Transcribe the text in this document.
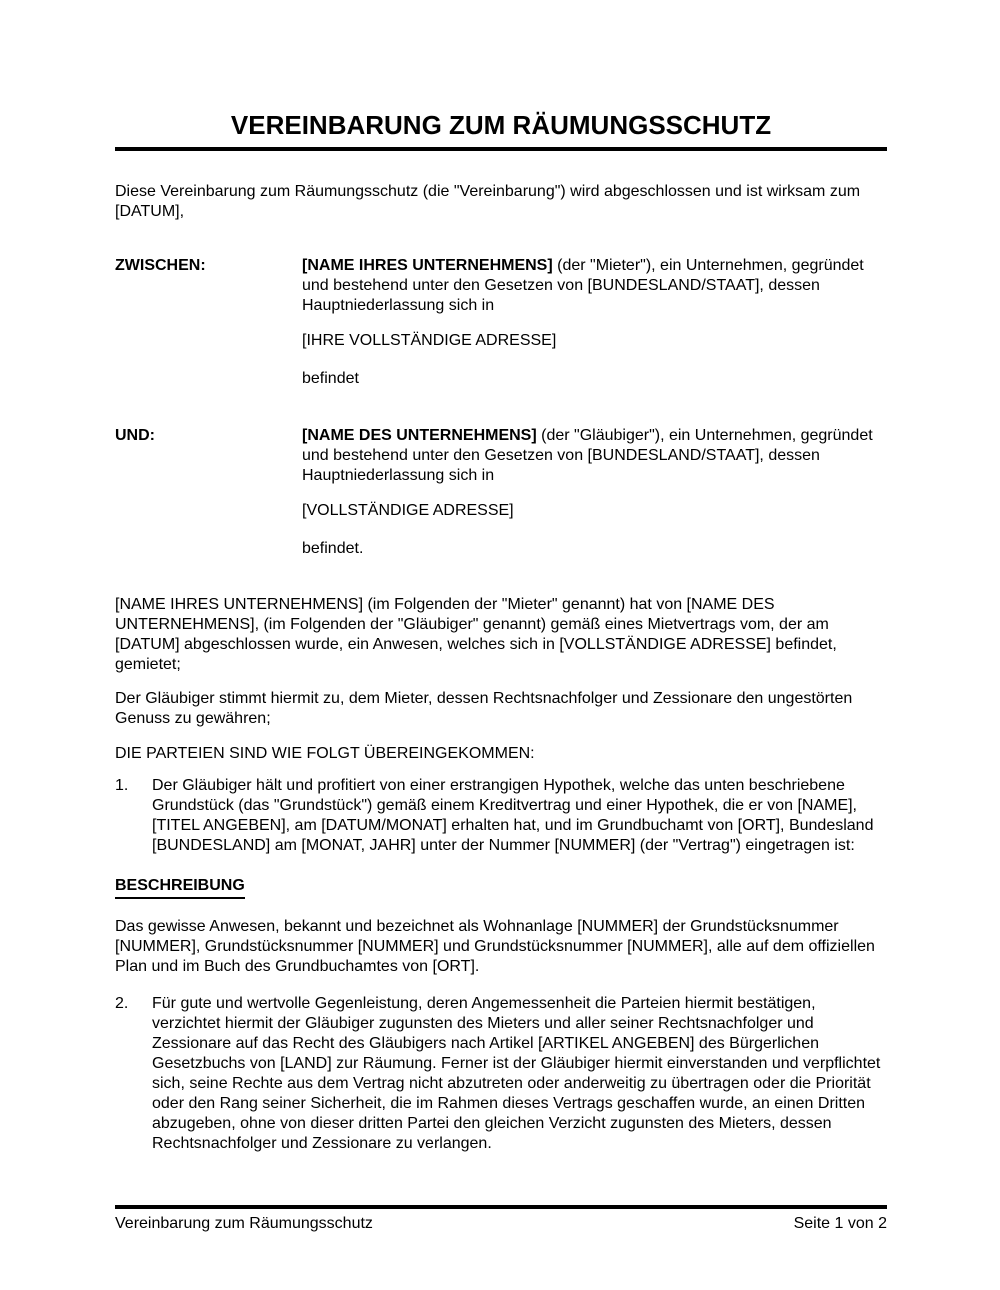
VEREINBARUNG ZUM RÄUMUNGSSCHUTZ

Diese Vereinbarung zum Räumungsschutz (die "Vereinbarung") wird abgeschlossen und ist wirksam zum [DATUM],

ZWISCHEN:	[NAME IHRES UNTERNEHMENS] (der "Mieter"), ein Unternehmen, gegründet und bestehend unter den Gesetzen von [BUNDESLAND/STAAT], dessen Hauptniederlassung sich in

[IHRE VOLLSTÄNDIGE ADRESSE]

befindet

UND:	[NAME DES UNTERNEHMENS] (der "Gläubiger"), ein Unternehmen, gegründet und bestehend unter den Gesetzen von [BUNDESLAND/STAAT], dessen Hauptniederlassung sich in

[VOLLSTÄNDIGE ADRESSE]

befindet.

[NAME IHRES UNTERNEHMENS] (im Folgenden der "Mieter" genannt) hat von [NAME DES UNTERNEHMENS], (im Folgenden der "Gläubiger" genannt) gemäß eines Mietvertrags vom, der am [DATUM] abgeschlossen wurde, ein Anwesen, welches sich in [VOLLSTÄNDIGE ADRESSE] befindet, gemietet;

Der Gläubiger stimmt hiermit zu, dem Mieter, dessen Rechtsnachfolger und Zessionare den ungestörten Genuss zu gewähren;

DIE PARTEIEN SIND WIE FOLGT ÜBEREINGEKOMMEN:

1.	Der Gläubiger hält und profitiert von einer erstrangigen Hypothek, welche das unten beschriebene Grundstück (das "Grundstück") gemäß einem Kreditvertrag und einer Hypothek, die er von [NAME], [TITEL ANGEBEN], am [DATUM/MONAT] erhalten hat, und im Grundbuchamt von [ORT], Bundesland [BUNDESLAND] am [MONAT, JAHR] unter der Nummer [NUMMER] (der "Vertrag") eingetragen ist:
BESCHREIBUNG

Das gewisse Anwesen, bekannt und bezeichnet als Wohnanlage [NUMMER] der Grundstücksnummer [NUMMER], Grundstücksnummer [NUMMER] und Grundstücksnummer [NUMMER], alle auf dem offiziellen Plan und im Buch des Grundbuchamtes von [ORT].

2.	Für gute und wertvolle Gegenleistung, deren Angemessenheit die Parteien hiermit bestätigen, verzichtet hiermit der Gläubiger zugunsten des Mieters und aller seiner Rechtsnachfolger und Zessionare auf das Recht des Gläubigers nach Artikel [ARTIKEL ANGEBEN] des Bürgerlichen Gesetzbuchs von [LAND] zur Räumung. Ferner ist der Gläubiger hiermit einverstanden und verpflichtet sich, seine Rechte aus dem Vertrag nicht abzutreten oder anderweitig zu übertragen oder die Priorität oder den Rang seiner Sicherheit, die im Rahmen dieses Vertrags geschaffen wurde, an einen Dritten abzugeben, ohne von dieser dritten Partei den gleichen Verzicht zugunsten des Mieters, dessen Rechtsnachfolger und Zessionare zu verlangen.
Vereinbarung zum Räumungsschutz	Seite 1 von 2
